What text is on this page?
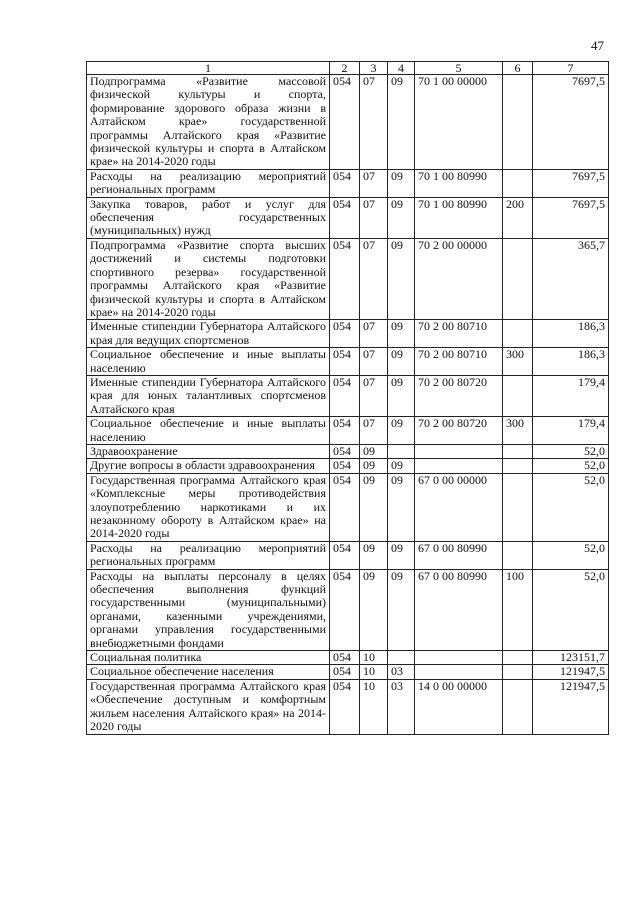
47
1	2	3	4	5	6	7
Подпрограмма «Развитие массовой физической культуры и спорта, формирование здорового образа жизни в Алтайском крае» государственной программы Алтайского края «Развитие физической культуры и спорта в Алтайском крае» на 2014-2020 годы	054	07	09	70 1 00 00000		7697,5
Расходы на реализацию мероприятий региональных программ	054	07	09	70 1 00 80990		7697,5
Закупка товаров, работ и услуг для обеспечения государственных (муниципальных) нужд	054	07	09	70 1 00 80990	200	7697,5
Подпрограмма «Развитие спорта высших достижений и системы подготовки спортивного резерва» государственной программы Алтайского края «Развитие физической культуры и спорта в Алтайском крае» на 2014-2020 годы	054	07	09	70 2 00 00000		365,7
Именные стипендии Губернатора Алтайского края для ведущих спортсменов	054	07	09	70 2 00 80710		186,3
Социальное обеспечение и иные выплаты населению	054	07	09	70 2 00 80710	300	186,3
Именные стипендии Губернатора Алтайского края для юных талантливых спортсменов Алтайского края	054	07	09	70 2 00 80720		179,4
Социальное обеспечение и иные выплаты населению	054	07	09	70 2 00 80720	300	179,4
Здравоохранение	054	09				52,0
Другие вопросы в области здравоохранения	054	09	09			52,0
Государственная программа Алтайского края «Комплексные меры противодействия злоупотреблению наркотиками и их незаконному обороту в Алтайском крае» на 2014-2020 годы	054	09	09	67 0 00 00000		52,0
Расходы на реализацию мероприятий региональных программ	054	09	09	67 0 00 80990		52,0
Расходы на выплаты персоналу в целях обеспечения выполнения функций государственными (муниципальными) органами, казенными учреждениями, органами управления государственными внебюджетными фондами	054	09	09	67 0 00 80990	100	52,0
Социальная политика	054	10				123151,7
Социальное обеспечение населения	054	10	03			121947,5
Государственная программа Алтайского края «Обеспечение доступным и комфортным жильем населения Алтайского края» на 2014-2020 годы	054	10	03	14 0 00 00000		121947,5
